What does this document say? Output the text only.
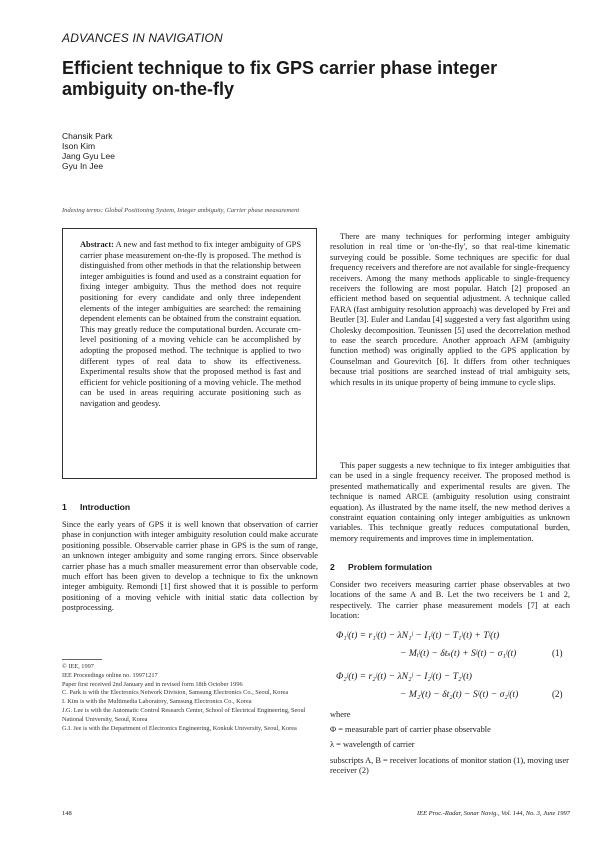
ADVANCES IN NAVIGATION
Efficient technique to fix GPS carrier phase integer ambiguity on-the-fly
Chansik Park
Ison Kim
Jang Gyu Lee
Gyu In Jee
Indexing terms: Global Positioning System, Integer ambiguity, Carrier phase measurement
Abstract: A new and fast method to fix integer ambiguity of GPS carrier phase measurement on-the-fly is proposed. The method is distinguished from other methods in that the relationship between integer ambiguities is found and used as a constraint equation for fixing integer ambiguity. Thus the method does not require positioning for every candidate and only three independent elements of the integer ambiguities are searched: the remaining dependent elements can be obtained from the constraint equation. This may greatly reduce the computational burden. Accurate cm-level positioning of a moving vehicle can be accomplished by adopting the proposed method. The technique is applied to two different types of real data to show its effectiveness. Experimental results show that the proposed method is fast and efficient for vehicle positioning of a moving vehicle. The method can be used in areas requiring accurate positioning such as navigation and geodesy.
1 Introduction
Since the early years of GPS it is well known that observation of carrier phase in conjunction with integer ambiguity resolution could make accurate positioning possible. Observable carrier phase in GPS is the sum of range, an unknown integer ambiguity and some ranging errors. Since observable carrier phase has a much smaller measurement error than observable code, much effort has been given to develop a technique to fix the unknown integer ambiguity. Remondi [1] first showed that it is possible to perform positioning of a moving vehicle with initial static data collection by postprocessing.
© IEE, 1997
IEE Proceedings online no. 19971217
Paper first received 2nd January and in revised form 18th October 1996
C. Park is with the Electronics Network Division, Samsung Electronics Co., Seoul, Korea
I. Kim is with the Multimedia Laboratory, Samsung Electronics Co., Korea
J.G. Lee is with the Automatic Control Research Center, School of Electrical Engineering, Seoul National University, Seoul, Korea
G.I. Jee is with the Department of Electronics Engineering, Konkuk University, Seoul, Korea
There are many techniques for performing integer ambiguity resolution in real time or 'on-the-fly', so that real-time kinematic surveying could be possible. Some techniques are specific for dual frequency receivers and therefore are not available for single-frequency receivers. Among the many methods applicable to single-frequency receivers the following are most popular. Hatch [2] proposed an efficient method based on sequential adjustment. A technique called FARA (fast ambiguity resolution approach) was developed by Frei and Beutler [3]. Euler and Landau [4] suggested a very fast algorithm using Cholesky decomposition. Teunissen [5] used the decorrelation method to ease the search procedure. Another approach AFM (ambiguity function method) was originally applied to the GPS application by Counselman and Gourevitch [6]. It differs from other techniques because trial positions are searched instead of trial ambiguity sets, which results in its unique property of being immune to cycle slips.
This paper suggests a new technique to fix integer ambiguities that can be used in a single frequency receiver. The proposed method is presented mathematically and experimental results are given. The technique is named ARCE (ambiguity resolution using constraint equation). As illustrated by the name itself, the new method derives a constraint equation containing only integer ambiguities as unknown variables. This technique greatly reduces computational burden, memory requirements and improves time in implementation.
2 Problem formulation
Consider two receivers measuring carrier phase observables at two locations of the same A and B. Let the two receivers be 1 and 2, respectively. The carrier phase measurement models [7] at each location:
Φ₁ʲ(t) = r₁ʲ(t) − λN₁ʲ − I₁ʲ(t) − T₁ʲ(t) + Tʲ(t)
− Mᵢʲ(t) − δtₛ(t) + Sʲ(t) − σ₁ʲ(t)	(1)
Φ₂ʲ(t) = r₂ʲ(t) − λN₂ʲ − I₂ʲ(t) − T₂ʲ(t)
− M₂ʲ(t) − δt₂(t) − Sʲ(t) − σ₂ʲ(t)	(2)
where
Φ = measurable part of carrier phase observable
λ = wavelength of carrier
subscripts A, B = receiver locations of monitor station (1), moving user receiver (2)
148	IEE Proc.-Radar, Sonar Navig., Vol. 144, No. 3, June 1997
